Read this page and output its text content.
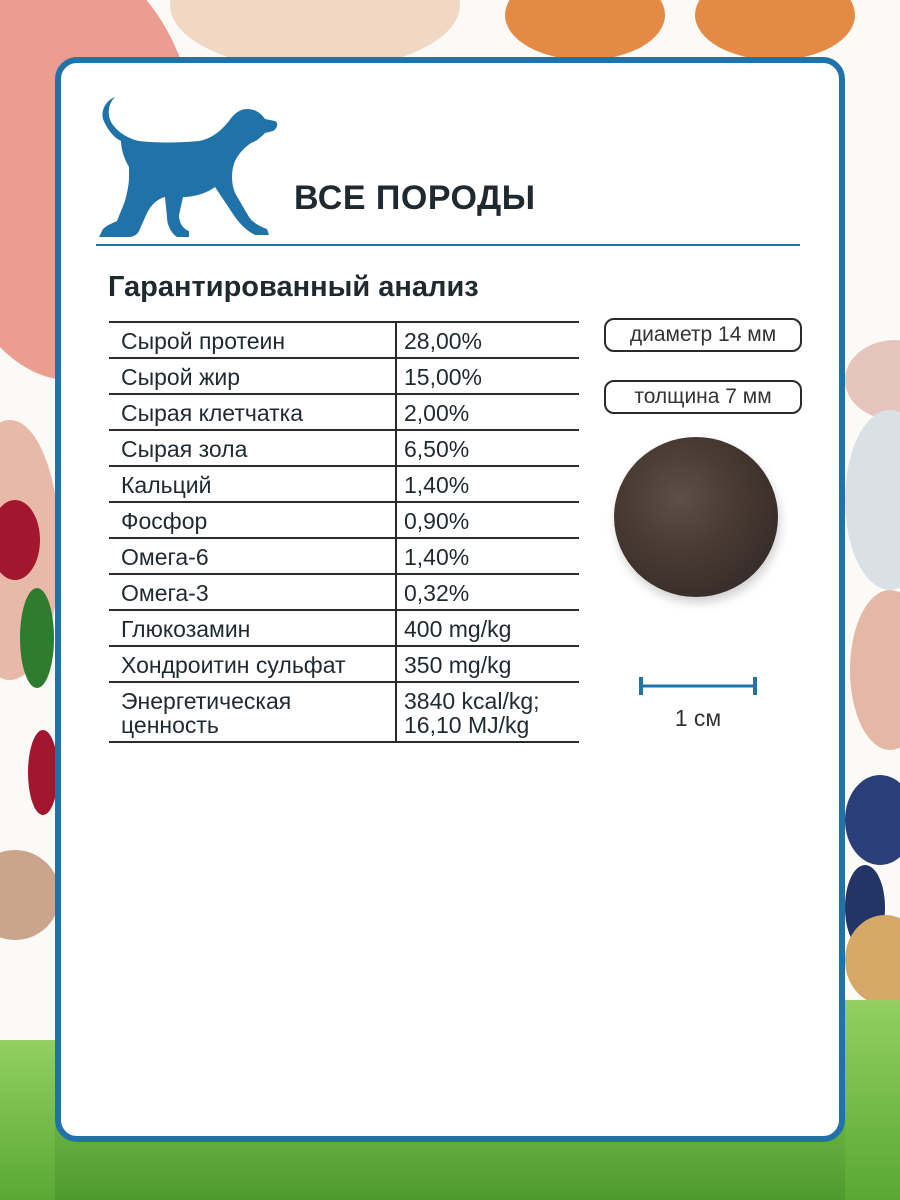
ВСЕ ПОРОДЫ
Гарантированный анализ
Сырой протеин	28,00%
Сырой жир	15,00%
Сырая клетчатка	2,00%
Сырая зола	6,50%
Кальций	1,40%
Фосфор	0,90%
Омега-6	1,40%
Омега-3	0,32%
Глюкозамин	400 mg/kg
Хондроитин сульфат	350 mg/kg
Энергетическая ценность	3840 kcal/kg; 16,10 MJ/kg
диаметр 14 мм
толщина 7 мм
1 см
